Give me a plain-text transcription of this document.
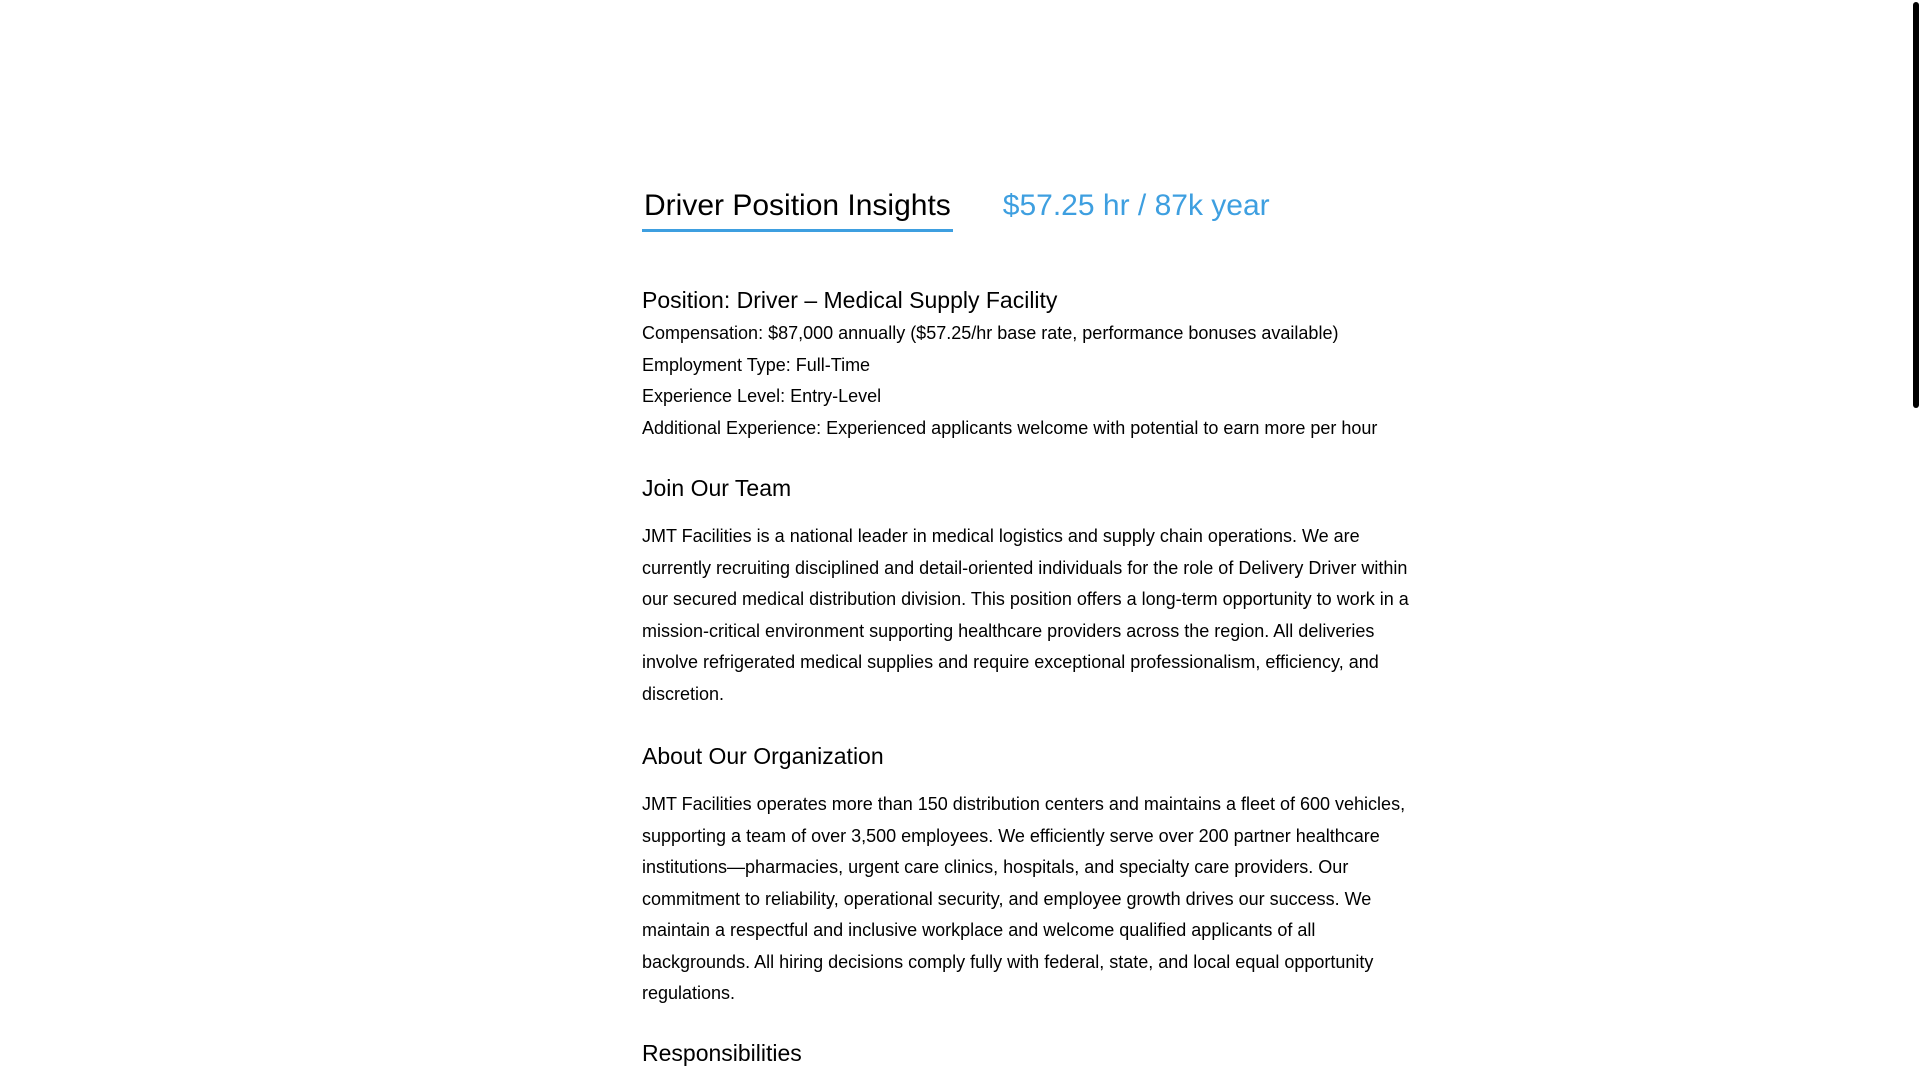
Driver Position Insights $57.25 hr / 87k year
Position: Driver – Medical Supply Facility

Compensation: $87,000 annually ($57.25/hr base rate, performance bonuses available)

Employment Type: Full-Time

Experience Level: Entry-Level

Additional Experience: Experienced applicants welcome with potential to earn more per hour

Join Our Team

JMT Facilities is a national leader in medical logistics and supply chain operations. We are currently recruiting disciplined and detail-oriented individuals for the role of Delivery Driver within our secured medical distribution division. This position offers a long-term opportunity to work in a mission-critical environment supporting healthcare providers across the region. All deliveries involve refrigerated medical supplies and require exceptional professionalism, efficiency, and discretion.

About Our Organization

JMT Facilities operates more than 150 distribution centers and maintains a fleet of 600 vehicles, supporting a team of over 3,500 employees. We efficiently serve over 200 partner healthcare institutions—pharmacies, urgent care clinics, hospitals, and specialty care providers. Our commitment to reliability, operational security, and employee growth drives our success. We maintain a respectful and inclusive workplace and welcome qualified applicants of all backgrounds. All hiring decisions comply fully with federal, state, and local equal opportunity regulations.

Responsibilities
